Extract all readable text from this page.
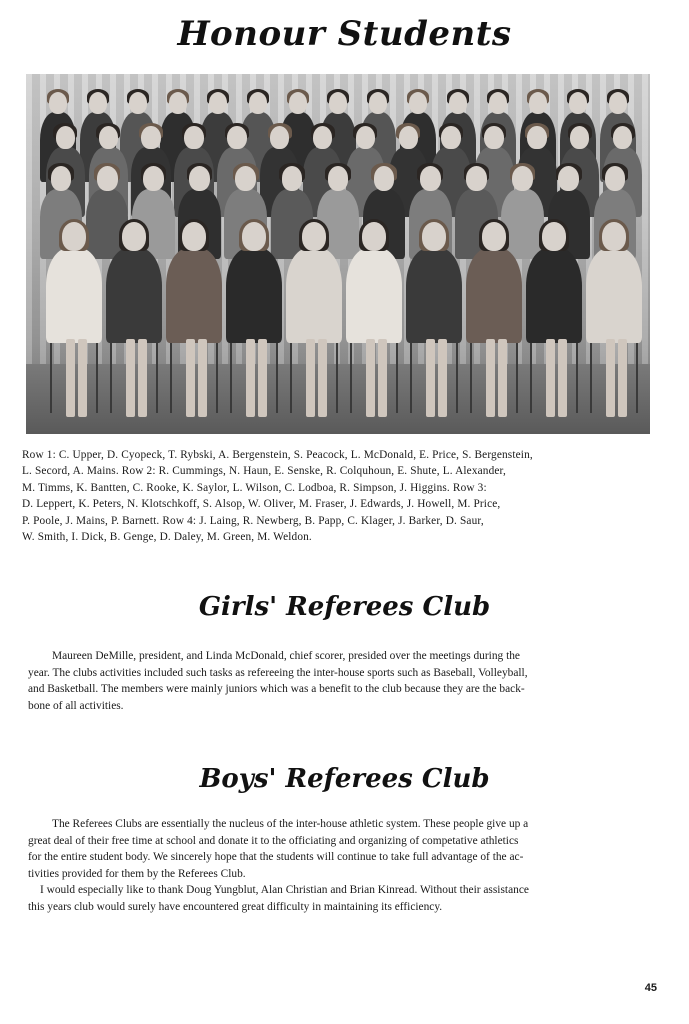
Honour Students
Row 1: C. Upper, D. Cyopeck, T. Rybski, A. Bergenstein, S. Peacock, L. McDonald, E. Price, S. Bergenstein,
L. Secord, A. Mains. Row 2: R. Cummings, N. Haun, E. Senske, R. Colquhoun, E. Shute, L. Alexander,
M. Timms, K. Bantten, C. Rooke, K. Saylor, L. Wilson, C. Lodboa, R. Simpson, J. Higgins. Row 3:
D. Leppert, K. Peters, N. Klotschkoff, S. Alsop, W. Oliver, M. Fraser, J. Edwards, J. Howell, M. Price,
P. Poole, J. Mains, P. Barnett. Row 4: J. Laing, R. Newberg, B. Papp, C. Klager, J. Barker, D. Saur,
W. Smith, I. Dick, B. Genge, D. Daley, M. Green, M. Weldon.
Girls' Referees Club
Maureen DeMille, president, and Linda McDonald, chief scorer, presided over the meetings during the
year. The clubs activities included such tasks as refereeing the inter-house sports such as Baseball, Volleyball,
and Basketball. The members were mainly juniors which was a benefit to the club because they are the back-
bone of all activities.
Boys' Referees Club
The Referees Clubs are essentially the nucleus of the inter-house athletic system. These people give up a
great deal of their free time at school and donate it to the officiating and organizing of competative athletics
for the entire student body. We sincerely hope that the students will continue to take full advantage of the ac-
tivities provided for them by the Referees Club.
I would especially like to thank Doug Yungblut, Alan Christian and Brian Kinread. Without their assistance
this years club would surely have encountered great difficulty in maintaining its efficiency.
45
